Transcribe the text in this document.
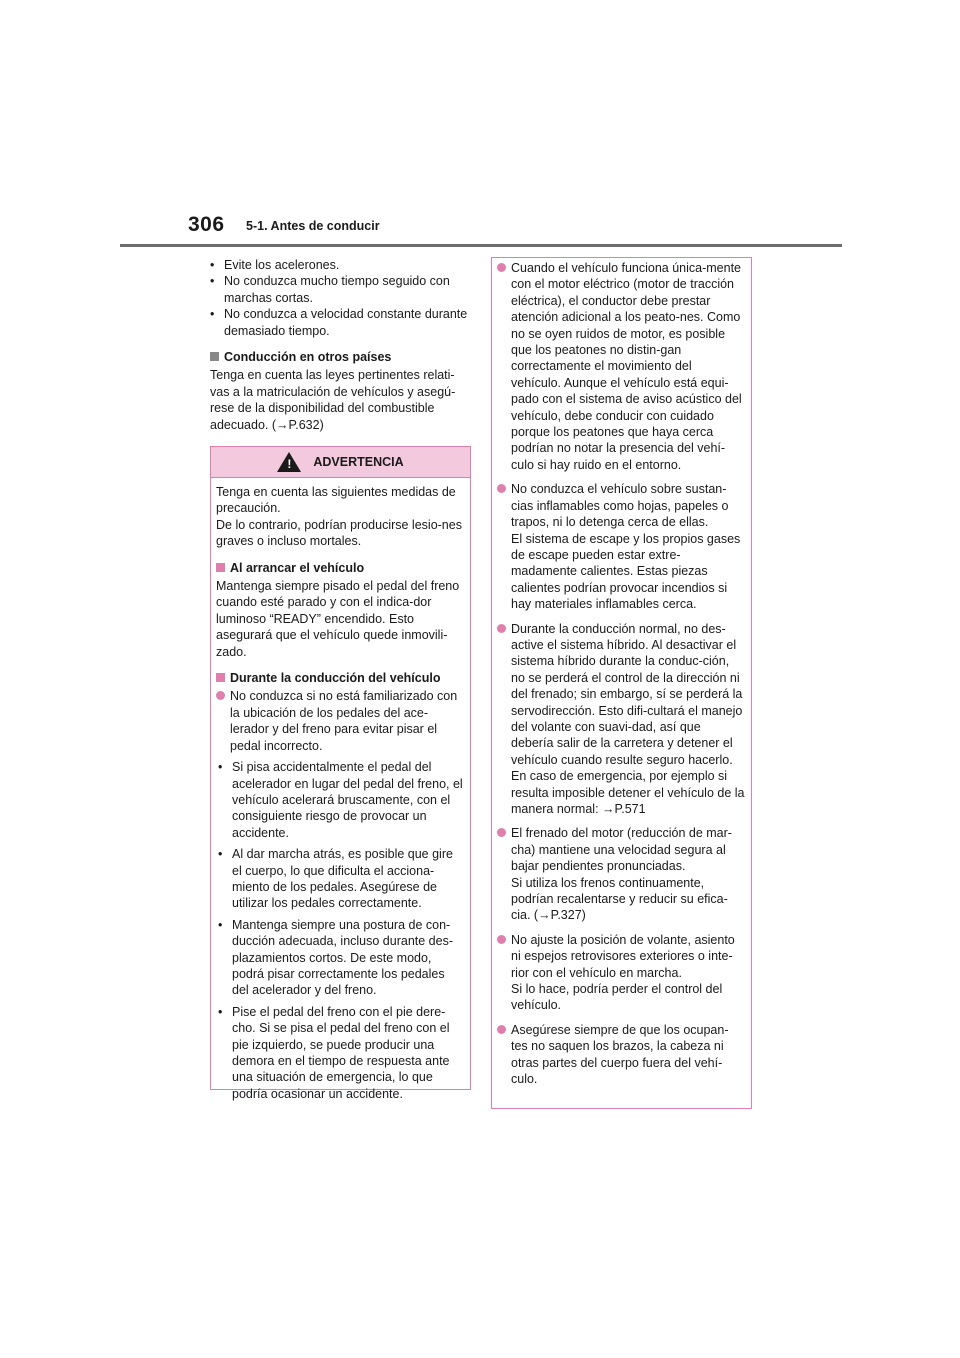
306 5-1. Antes de conducir
• Evite los acelerones.
• No conduzca mucho tiempo seguido con marchas cortas.
• No conduzca a velocidad constante durante demasiado tiempo.
Conducción en otros países

Tenga en cuenta las leyes pertinentes relati-vas a la matriculación de vehículos y asegú-rese de la disponibilidad del combustible adecuado. (→P.632)

! ADVERTENCIA

Tenga en cuenta las siguientes medidas de precaución.

De lo contrario, podrían producirse lesio-nes graves o incluso mortales.

Al arrancar el vehículo

Mantenga siempre pisado el pedal del freno cuando esté parado y con el indica-dor luminoso “READY” encendido. Esto asegurará que el vehículo quede inmovili-zado.

Durante la conducción del vehículo
No conduzca si no está familiarizado con la ubicación de los pedales del ace-lerador y del freno para evitar pisar el pedal incorrecto.
• Si pisa accidentalmente el pedal del acelerador en lugar del pedal del freno, el vehículo acelerará bruscamente, con el consiguiente riesgo de provocar un accidente.
• Al dar marcha atrás, es posible que gire el cuerpo, lo que dificulta el acciona-miento de los pedales. Asegúrese de utilizar los pedales correctamente.
• Mantenga siempre una postura de con-ducción adecuada, incluso durante des-plazamientos cortos. De este modo, podrá pisar correctamente los pedales del acelerador y del freno.
• Pise el pedal del freno con el pie dere-cho. Si se pisa el pedal del freno con el pie izquierdo, se puede producir una demora en el tiempo de respuesta ante una situación de emergencia, lo que podría ocasionar un accidente.
Cuando el vehículo funciona única-mente con el motor eléctrico (motor de tracción eléctrica), el conductor debe prestar atención adicional a los peato-nes. Como no se oyen ruidos de motor, es posible que los peatones no distin-gan correctamente el movimiento del vehículo. Aunque el vehículo está equi-pado con el sistema de aviso acústico del vehículo, debe conducir con cuidado porque los peatones que haya cerca podrían no notar la presencia del vehí-culo si hay ruido en el entorno.
No conduzca el vehículo sobre sustan-cias inflamables como hojas, papeles o trapos, ni lo detenga cerca de ellas.
El sistema de escape y los propios gases de escape pueden estar extre-madamente calientes. Estas piezas calientes podrían provocar incendios si hay materiales inflamables cerca.
Durante la conducción normal, no des-active el sistema híbrido. Al desactivar el sistema híbrido durante la conduc-ción, no se perderá el control de la dirección ni del frenado; sin embargo, sí se perderá la servodirección. Esto difi-cultará el manejo del volante con suavi-dad, así que debería salir de la carretera y detener el vehículo cuando resulte seguro hacerlo.
En caso de emergencia, por ejemplo si resulta imposible detener el vehículo de la manera normal: →P.571
El frenado del motor (reducción de mar-cha) mantiene una velocidad segura al bajar pendientes pronunciadas.
Si utiliza los frenos continuamente, podrían recalentarse y reducir su efica-cia. (→P.327)
No ajuste la posición de volante, asiento ni espejos retrovisores exteriores o inte-rior con el vehículo en marcha.
Si lo hace, podría perder el control del vehículo.
Asegúrese siempre de que los ocupan-tes no saquen los brazos, la cabeza ni otras partes del cuerpo fuera del vehí-culo.
